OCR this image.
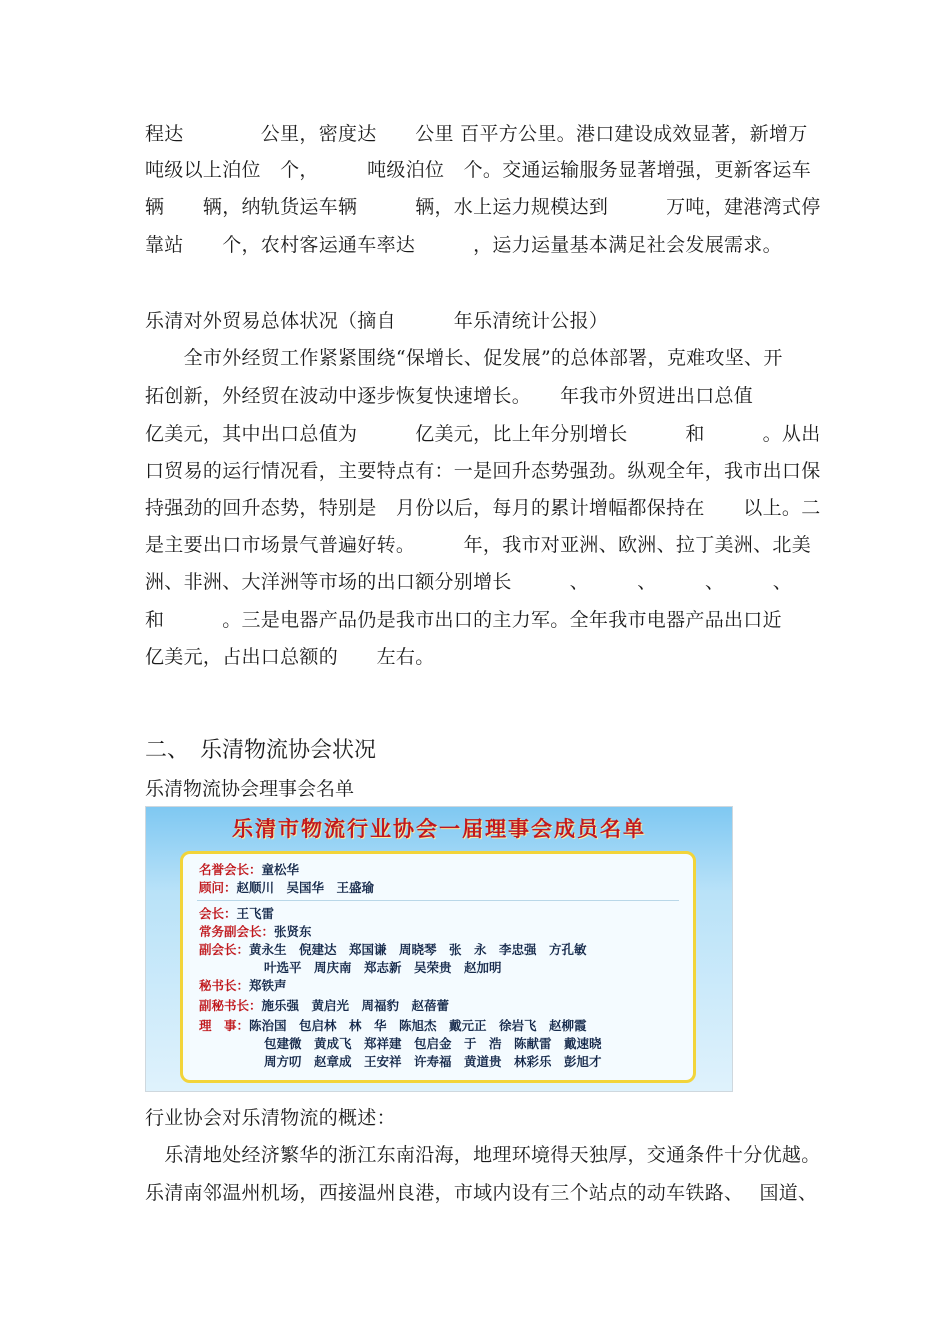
程达　　　　公里，密度达　　公里 百平方公里。港口建设成效显著，新增万
吨级以上泊位　个，　　　吨级泊位　个。交通运输服务显著增强，更新客运车
辆　　辆，纳轨货运车辆　　　辆，水上运力规模达到　　　万吨，建港湾式停
靠站　　个，农村客运通车率达　　　，运力运量基本满足社会发展需求。
乐清对外贸易总体状况（摘自　　　年乐清统计公报）
　　全市外经贸工作紧紧围绕“保增长、促发展”的总体部署，克难攻坚、开
拓创新，外经贸在波动中逐步恢复快速增长。　　年我市外贸进出口总值
亿美元，其中出口总值为　　　亿美元，比上年分别增长　　　和　　　。从出
口贸易的运行情况看，主要特点有：一是回升态势强劲。纵观全年，我市出口保
持强劲的回升态势，特别是　月份以后，每月的累计增幅都保持在　　以上。二
是主要出口市场景气普遍好转。　　　年，我市对亚洲、欧洲、拉丁美洲、北美
洲、非洲、大洋洲等市场的出口额分别增长　　　、　　　、　　　、　　　、
和　　　。三是电器产品仍是我市出口的主力军。全年我市电器产品出口近
亿美元，占出口总额的　　左右。
二、　乐清物流协会状况
乐清物流协会理事会名单
乐清市物流行业协会一届理事会成员名单
名誉会长：童松华
顾问：赵顺川　吴国华　王盛瑜
会长：王飞雷
常务副会长：张贤东
副会长：黄永生　倪建达　郑国谦　周晓琴　张　永　李忠强　方孔敏
叶选平　周庆南　郑志新　吴荣贵　赵加明
秘书长：郑铁声
副秘书长：施乐强　黄启光　周福豹　赵蓓蕾
理　事：陈治国　包启林　林　华　陈旭杰　戴元正　徐岩飞　赵柳霞
包建微　黄成飞　郑祥建　包启金　于　浩　陈献雷　戴速晓
周方叨　赵章成　王安祥　许寿福　黄道贵　林彩乐　彭旭才
行业协会对乐清物流的概述：
　乐清地处经济繁华的浙江东南沿海，地理环境得天独厚，交通条件十分优越。
乐清南邻温州机场，西接温州良港，市域内设有三个站点的动车铁路、　 国道、
